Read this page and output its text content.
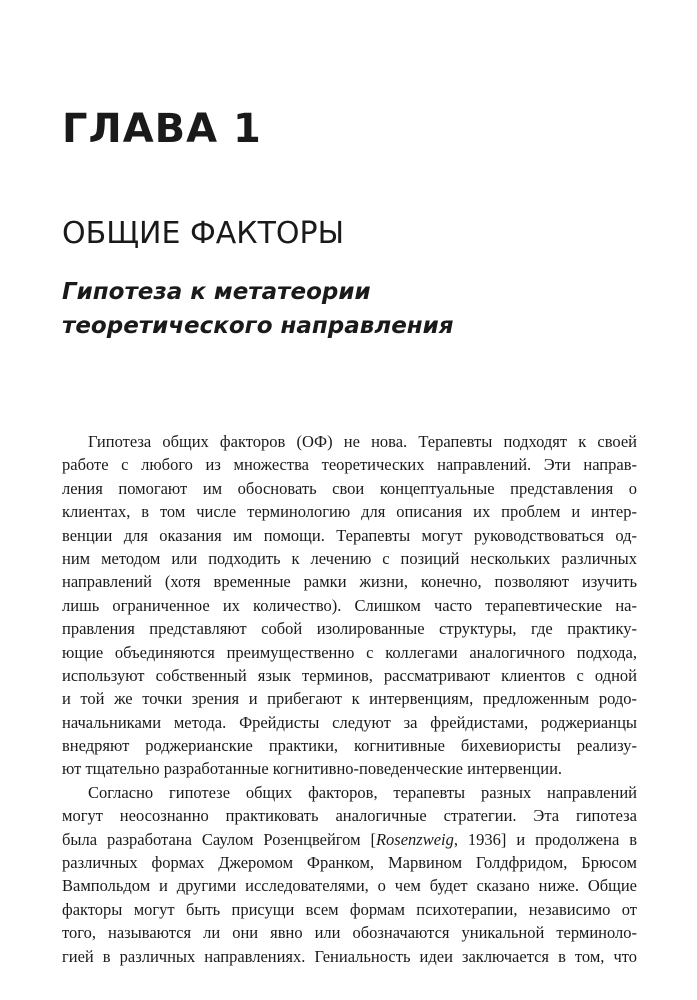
ГЛАВА 1
ОБЩИЕ ФАКТОРЫ
Гипотеза к метатеории
теоретического направления
Гипотеза общих факторов (ОФ) не нова. Терапевты подходят к своей
работе с любого из множества теоретических направлений. Эти направ-
ления помогают им обосновать свои концептуальные представления о
клиентах, в том числе терминологию для описания их проблем и интер-
венции для оказания им помощи. Терапевты могут руководствоваться од-
ним методом или подходить к лечению с позиций нескольких различных
направлений (хотя временные рамки жизни, конечно, позволяют изучить
лишь ограниченное их количество). Слишком часто терапевтические на-
правления представляют собой изолированные структуры, где практику-
ющие объединяются преимущественно с коллегами аналогичного подхода,
используют собственный язык терминов, рассматривают клиентов с одной
и той же точки зрения и прибегают к интервенциям, предложенным родо-
начальниками метода. Фрейдисты следуют за фрейдистами, роджерианцы
внедряют роджерианские практики, когнитивные бихевиористы реализу-
ют тщательно разработанные когнитивно-поведенческие интервенции.
Согласно гипотезе общих факторов, терапевты разных направлений
могут неосознанно практиковать аналогичные стратегии. Эта гипотеза
была разработана Саулом Розенцвейгом [Rosenzweig, 1936] и продолжена в
различных формах Джеромом Франком, Марвином Голдфридом, Брюсом
Вампольдом и другими исследователями, о чем будет сказано ниже. Общие
факторы могут быть присущи всем формам психотерапии, независимо от
того, называются ли они явно или обозначаются уникальной терминоло-
гией в различных направлениях. Гениальность идеи заключается в том, что
